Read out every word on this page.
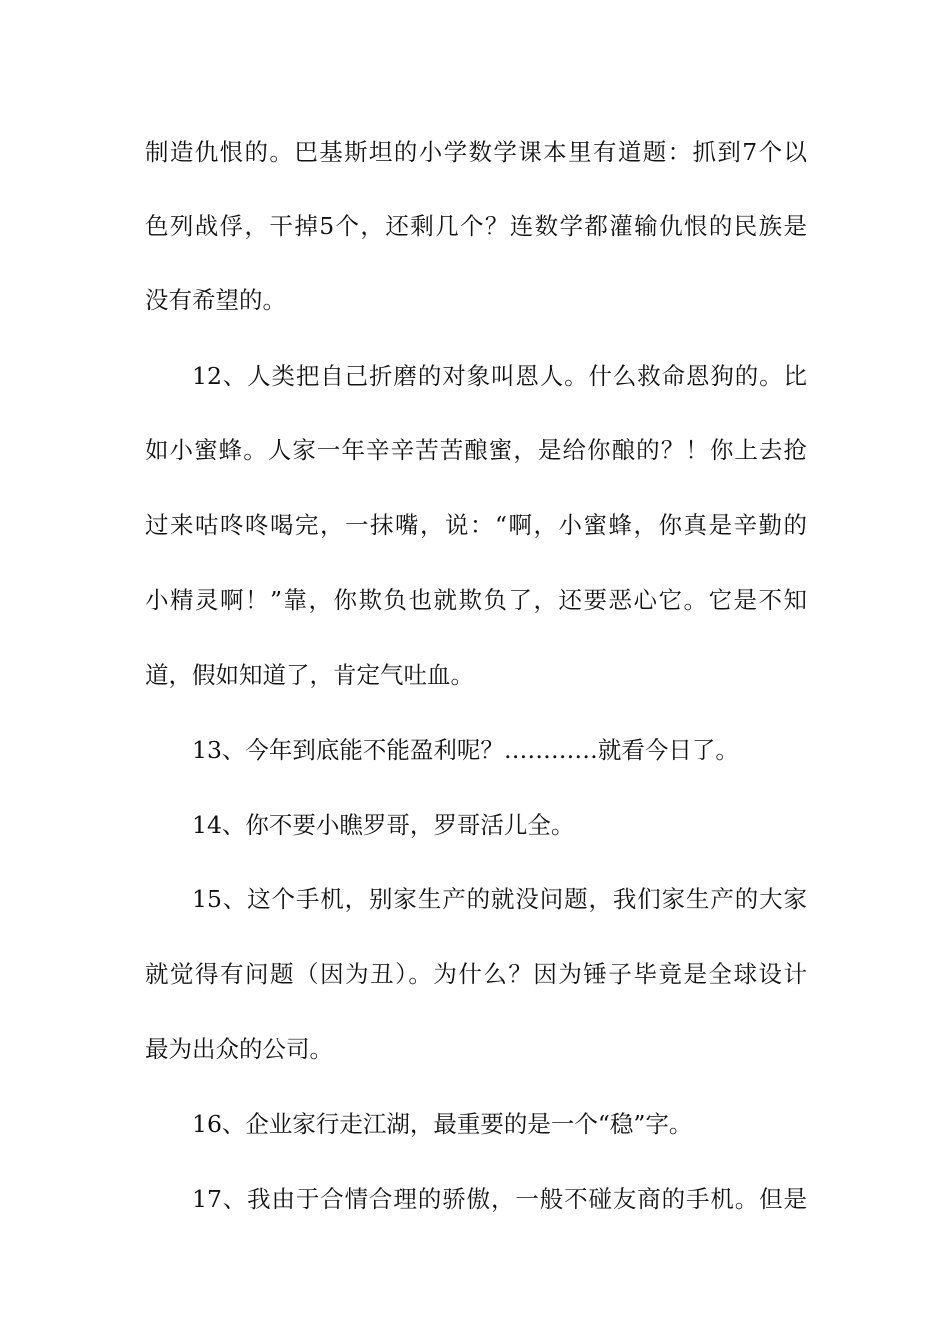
制造仇恨的。巴基斯坦的小学数学课本里有道题：抓到7个以
色列战俘，干掉5个，还剩几个？连数学都灌输仇恨的民族是
没有希望的。
12、人类把自己折磨的对象叫恩人。什么救命恩狗的。比
如小蜜蜂。人家一年辛辛苦苦酿蜜，是给你酿的？！你上去抢
过来咕咚咚喝完，一抹嘴，说：“啊，小蜜蜂，你真是辛勤的
小精灵啊！”靠，你欺负也就欺负了，还要恶心它。它是不知
道，假如知道了，肯定气吐血。
13、今年到底能不能盈利呢？…………就看今日了。
14、你不要小瞧罗哥，罗哥活儿全。
15、这个手机，别家生产的就没问题，我们家生产的大家
就觉得有问题（因为丑）。为什么？因为锤子毕竟是全球设计
最为出众的公司。
16、企业家行走江湖，最重要的是一个“稳”字。
17、我由于合情合理的骄傲，一般不碰友商的手机。但是
